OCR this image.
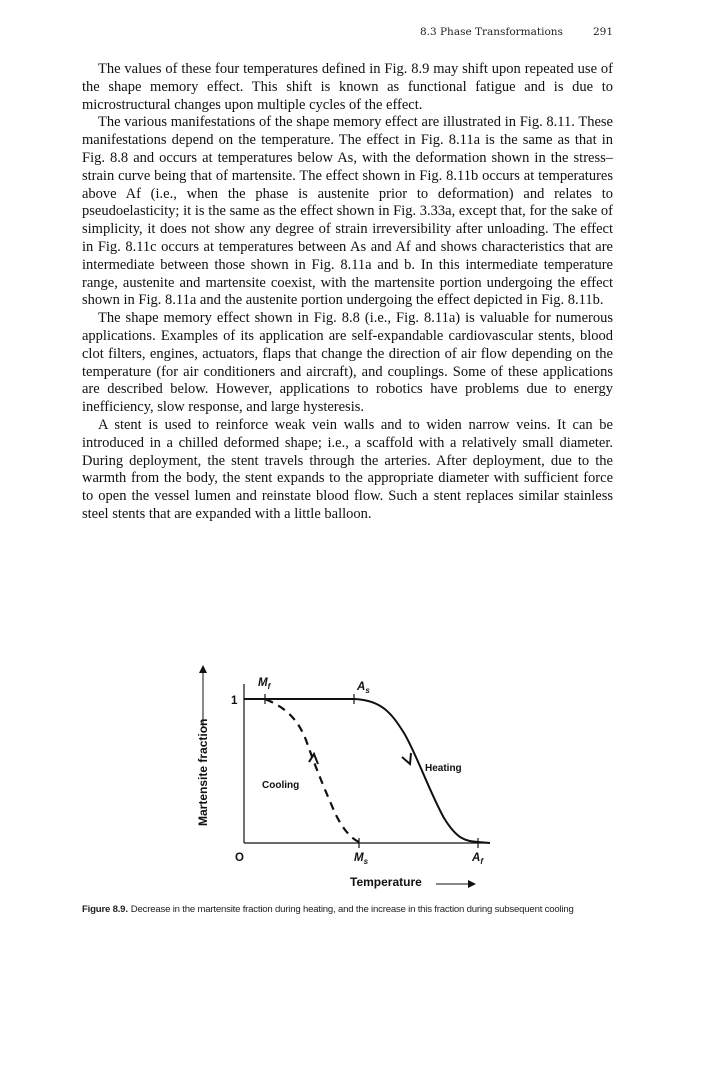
8.3 Phase Transformations	291

The values of these four temperatures defined in Fig. 8.9 may shift upon repeated use of the shape memory effect. This shift is known as functional fatigue and is due to microstructural changes upon multiple cycles of the effect.

The various manifestations of the shape memory effect are illustrated in Fig. 8.11. These manifestations depend on the temperature. The effect in Fig. 8.11a is the same as that in Fig. 8.8 and occurs at temperatures below As, with the deformation shown in the stress–strain curve being that of martensite. The effect shown in Fig. 8.11b occurs at temperatures above Af (i.e., when the phase is austenite prior to deformation) and relates to pseudoelasticity; it is the same as the effect shown in Fig. 3.33a, except that, for the sake of simplicity, it does not show any degree of strain irreversibility after unloading. The effect in Fig. 8.11c occurs at temperatures between As and Af and shows characteristics that are intermediate between those shown in Fig. 8.11a and b. In this intermediate temperature range, austenite and martensite coexist, with the martensite portion undergoing the effect shown in Fig. 8.11a and the austenite portion undergoing the effect depicted in Fig. 8.11b.

The shape memory effect shown in Fig. 8.8 (i.e., Fig. 8.11a) is valuable for numerous applications. Examples of its application are self-expandable cardiovascular stents, blood clot filters, engines, actuators, flaps that change the direction of air flow depending on the temperature (for air conditioners and aircraft), and couplings. Some of these applications are described below. However, applications to robotics have problems due to energy inefficiency, slow response, and large hysteresis.

A stent is used to reinforce weak vein walls and to widen narrow veins. It can be introduced in a chilled deformed shape; i.e., a scaffold with a relatively small diameter. During deployment, the stent travels through the arteries. After deployment, due to the warmth from the body, the stent expands to the appropriate diameter with sufficient force to open the vessel lumen and reinstate blood flow. Such a stent replaces similar stainless steel stents that are expanded with a little balloon.

Martensite fraction
1
O
Temperature
$M_f$	$A_s$
$M_s$	$A_f$
Cooling
Heating
Figure 8.9. Decrease in the martensite fraction during heating, and the increase in this fraction during subsequent cooling
